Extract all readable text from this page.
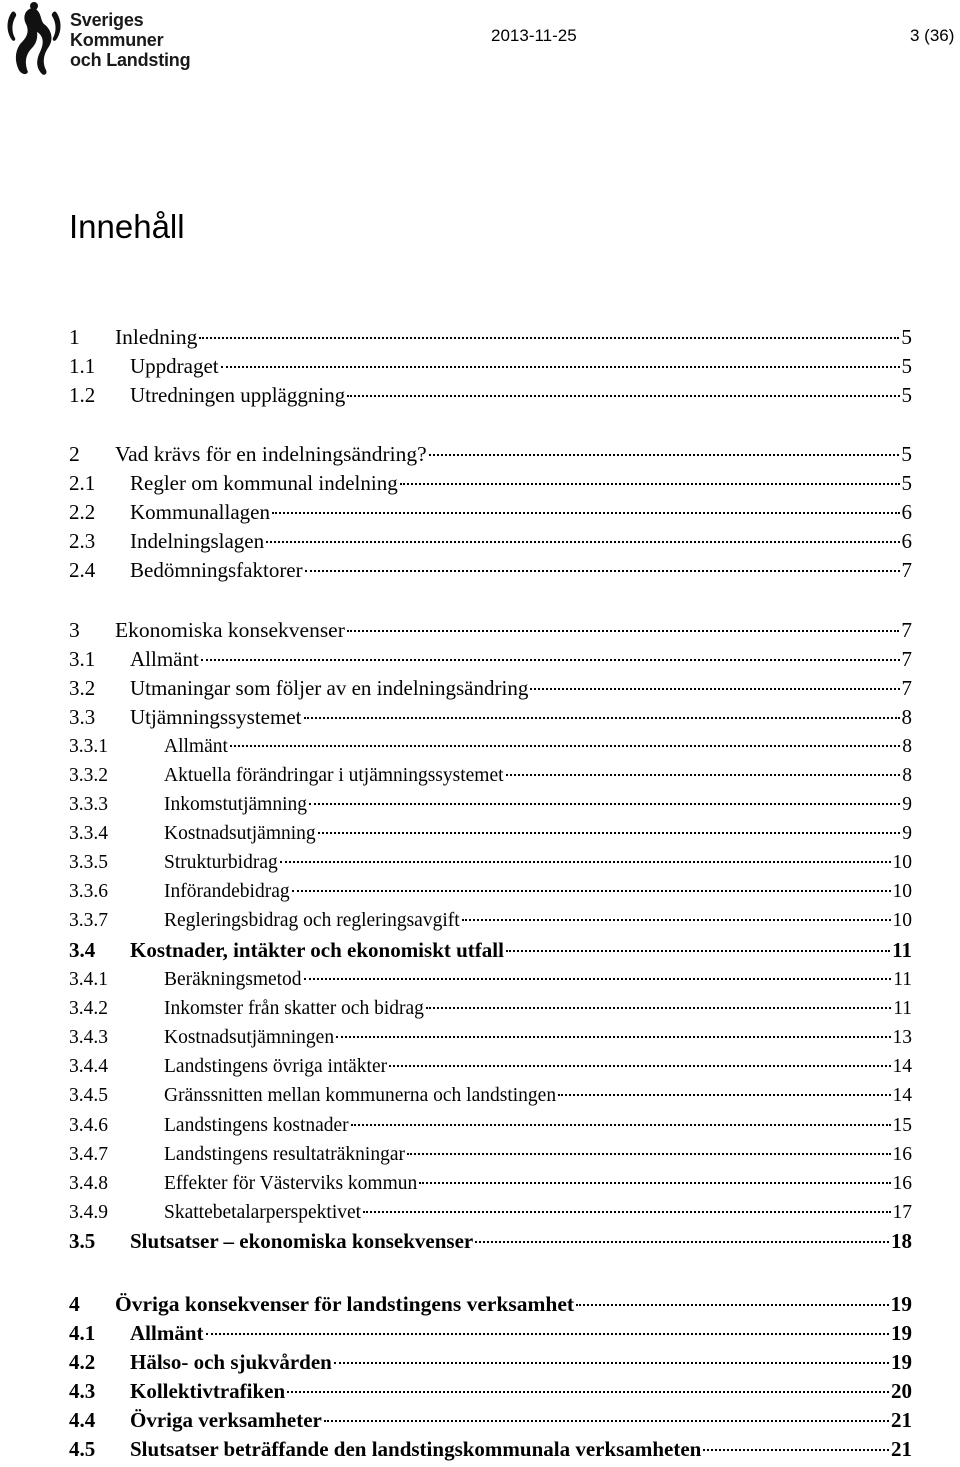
Sveriges
Kommuner
och Landsting
2013-11-25	3 (36)
Innehåll
1	Inledning	5
1.1	Uppdraget	5
1.2	Utredningen uppläggning	5
2	Vad krävs för en indelningsändring?	5
2.1	Regler om kommunal indelning	5
2.2	Kommunallagen	6
2.3	Indelningslagen	6
2.4	Bedömningsfaktorer	7
3	Ekonomiska konsekvenser	7
3.1	Allmänt	7
3.2	Utmaningar som följer av en indelningsändring	7
3.3	Utjämningssystemet	8
3.3.1	Allmänt	8
3.3.2	Aktuella förändringar i utjämningssystemet	8
3.3.3	Inkomstutjämning	9
3.3.4	Kostnadsutjämning	9
3.3.5	Strukturbidrag	10
3.3.6	Införandebidrag	10
3.3.7	Regleringsbidrag och regleringsavgift	10
3.4	Kostnader, intäkter och ekonomiskt utfall	11
3.4.1	Beräkningsmetod	11
3.4.2	Inkomster från skatter och bidrag	11
3.4.3	Kostnadsutjämningen	13
3.4.4	Landstingens övriga intäkter	14
3.4.5	Gränssnitten mellan kommunerna och landstingen	14
3.4.6	Landstingens kostnader	15
3.4.7	Landstingens resultaträkningar	16
3.4.8	Effekter för Västerviks kommun	16
3.4.9	Skattebetalarperspektivet	17
3.5	Slutsatser – ekonomiska konsekvenser	18
4	Övriga konsekvenser för landstingens verksamhet	19
4.1	Allmänt	19
4.2	Hälso- och sjukvården	19
4.3	Kollektivtrafiken	20
4.4	Övriga verksamheter	21
4.5	Slutsatser beträffande den landstingskommunala verksamheten	21
